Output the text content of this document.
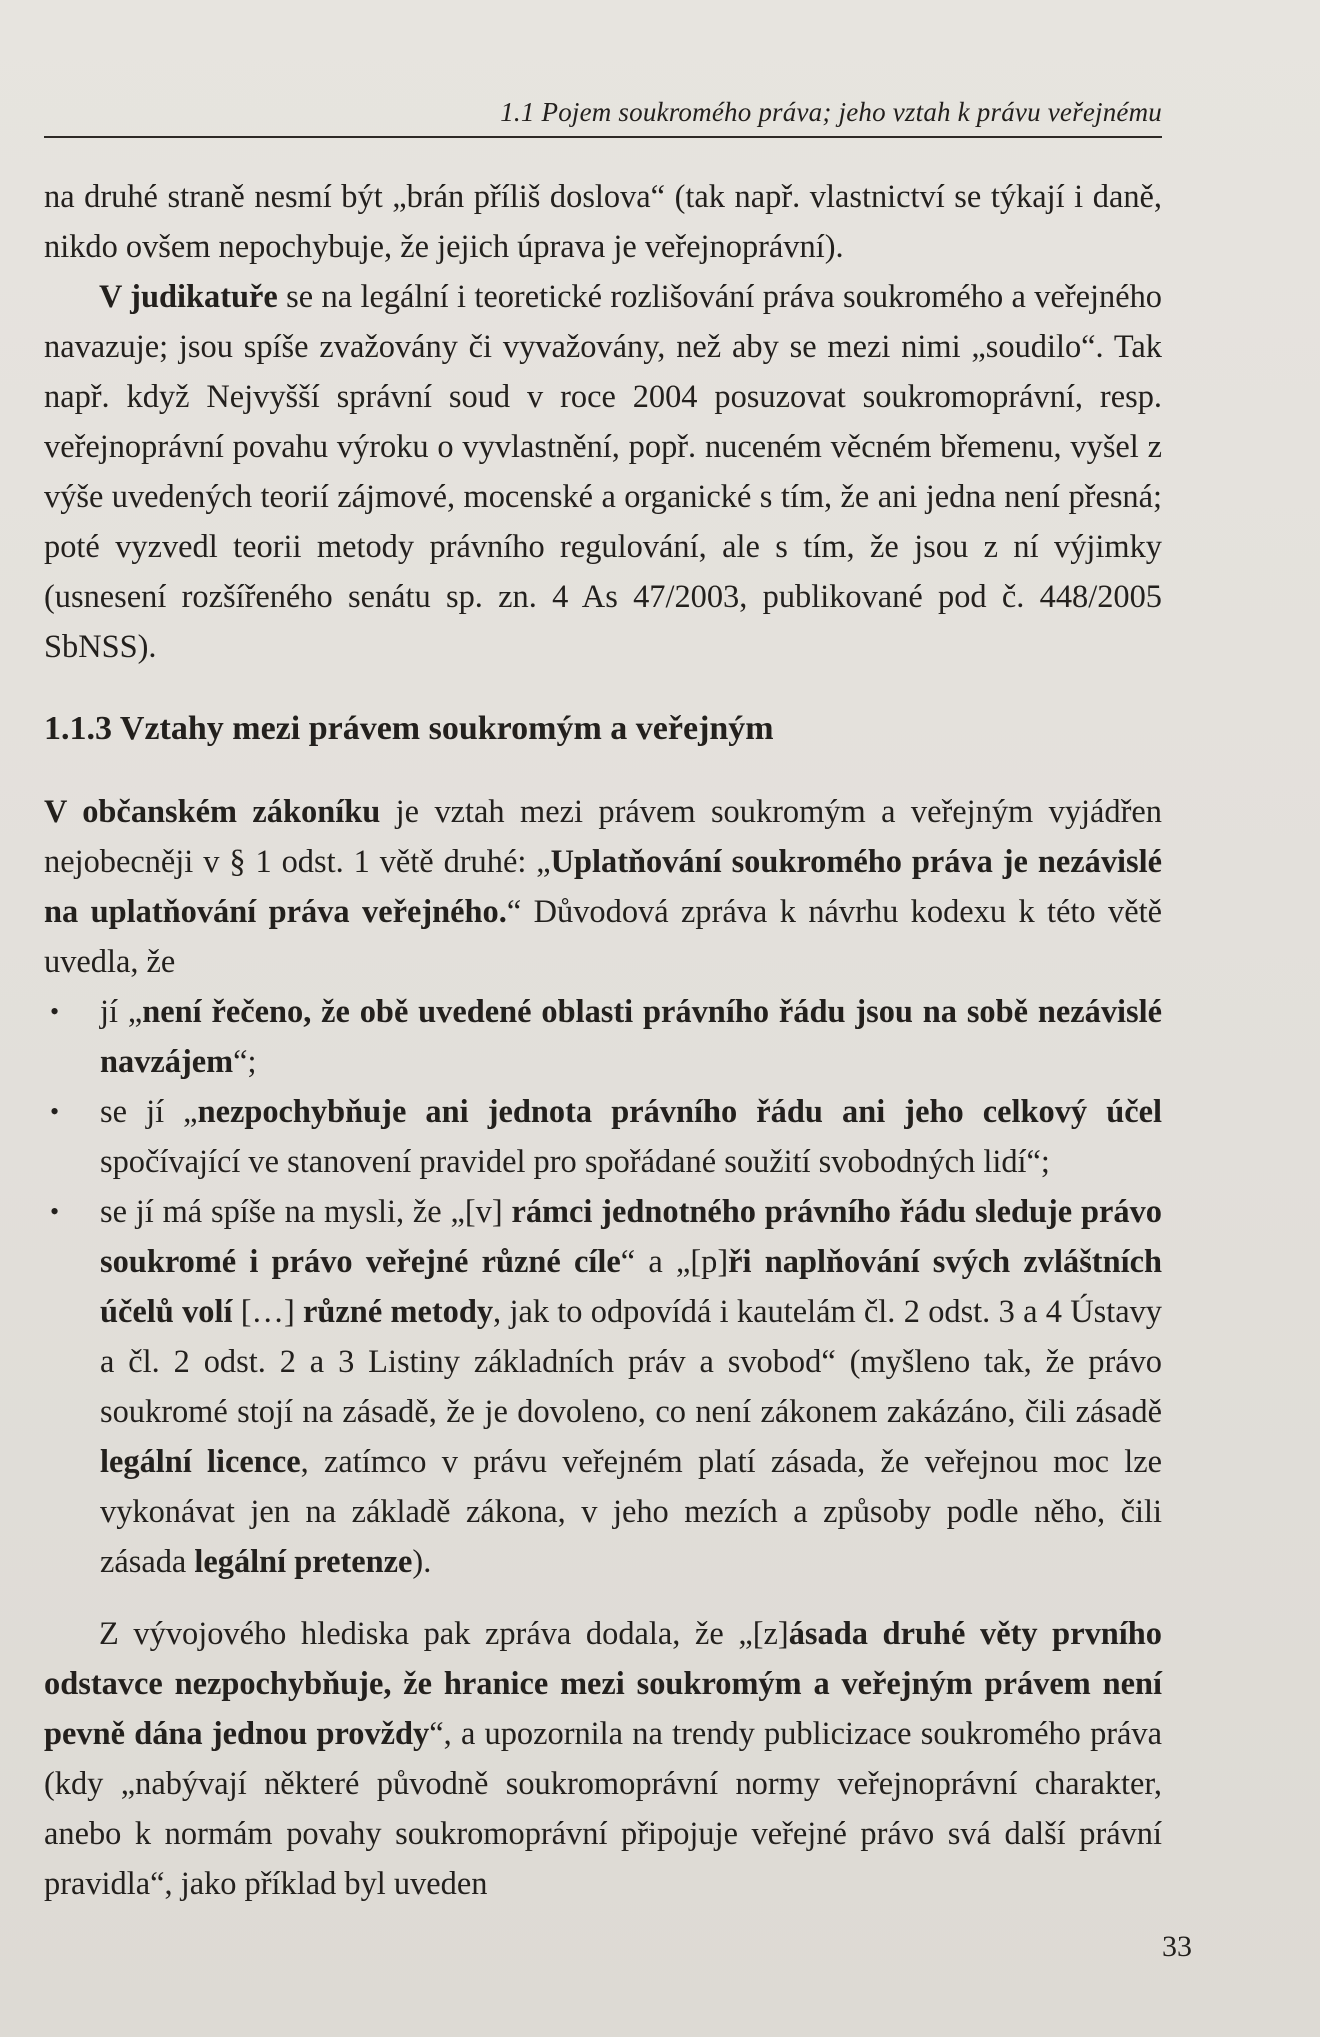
1.1 Pojem soukromého práva; jeho vztah k právu veřejnému

na druhé straně nesmí být „brán příliš doslova“ (tak např. vlastnictví se týkají i daně, nikdo ovšem nepochybuje, že jejich úprava je veřejnoprávní).

V judikatuře se na legální i teoretické rozlišování práva soukromého a veřejného navazuje; jsou spíše zvažovány či vyvažovány, než aby se mezi nimi „soudilo“. Tak např. když Nejvyšší správní soud v roce 2004 posuzovat soukromoprávní, resp. veřejnoprávní povahu výroku o vyvlastnění, popř. nuceném věcném břemenu, vyšel z výše uvedených teorií zájmové, mocenské a organické s tím, že ani jedna není přesná; poté vyzvedl teorii metody právního regulování, ale s tím, že jsou z ní výjimky (usnesení rozšířeného senátu sp. zn. 4 As 47/2003, publikované pod č. 448/2005 SbNSS).

1.1.3 Vztahy mezi právem soukromým a veřejným

V občanském zákoníku je vztah mezi právem soukromým a veřejným vyjádřen nejobecněji v § 1 odst. 1 větě druhé: „Uplatňování soukromého práva je nezávislé na uplatňování práva veřejného.“ Důvodová zpráva k návrhu kodexu k této větě uvedla, že

• jí „není řečeno, že obě uvedené oblasti právního řádu jsou na sobě nezávislé navzájem“;
• se jí „nezpochybňuje ani jednota právního řádu ani jeho celkový účel spočívající ve stanovení pravidel pro spořádané soužití svobodných lidí“;
• se jí má spíše na mysli, že „[v] rámci jednotného právního řádu sleduje právo soukromé i právo veřejné různé cíle“ a „[p]ři naplňování svých zvláštních účelů volí […] různé metody, jak to odpovídá i kautelám čl. 2 odst. 3 a 4 Ústavy a čl. 2 odst. 2 a 3 Listiny základních práv a svobod“ (myšleno tak, že právo soukromé stojí na zásadě, že je dovoleno, co není zákonem zakázáno, čili zásadě legální licence, zatímco v právu veřejném platí zásada, že veřejnou moc lze vykonávat jen na základě zákona, v jeho mezích a způsoby podle něho, čili zásada legální pretenze).

Z vývojového hlediska pak zpráva dodala, že „[z]ásada druhé věty prvního odstavce nezpochybňuje, že hranice mezi soukromým a veřejným právem není pevně dána jednou provždy“, a upozornila na trendy publicizace soukromého práva (kdy „nabývají některé původně soukromoprávní normy veřejnoprávní charakter, anebo k normám povahy soukromoprávní připojuje veřejné právo svá další právní pravidla“, jako příklad byl uveden

33
